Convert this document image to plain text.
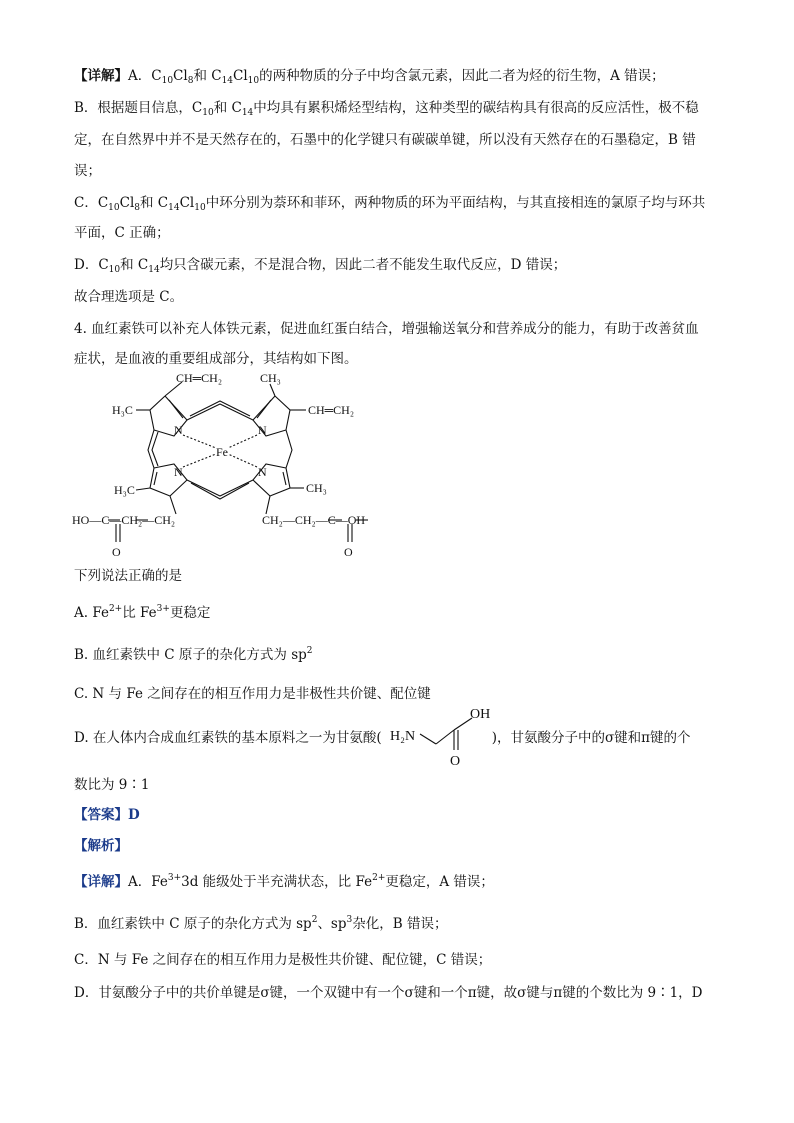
【详解】A．$C_{10}Cl_8$和 $C_{14}Cl_{10}$的两种物质的分子中均含氯元素，因此二者为烃的衍生物，A 错误；
B．根据题目信息，$C_{10}$和 $C_{14}$中均具有累积烯烃型结构，这种类型的碳结构具有很高的反应活性，极不稳
定，在自然界中并不是天然存在的，石墨中的化学键只有碳碳单键，所以没有天然存在的石墨稳定，B 错
误；
C．$C_{10}Cl_8$和 $C_{14}Cl_{10}$中环分别为萘环和菲环，两种物质的环为平面结构，与其直接相连的氯原子均与环共
平面，C 正确；
D．$C_{10}$和 $C_{14}$均只含碳元素，不是混合物，因此二者不能发生取代反应，D 错误；
故合理选项是 C。
4. 血红素铁可以补充人体铁元素，促进血红蛋白结合，增强输送氧分和营养成分的能力，有助于改善贫血
症状，是血液的重要组成部分，其结构如下图。
CH═CH₂	CH₃
CH═CH₂
H₃C
N	N
N	N
Fe
H₃C	CH₃
HO—C—CH₂—CH₂	CH₂—CH₂—C—OH
O	O
下列说法正确的是
A. $Fe^{2+}$比 $Fe^{3+}$更稳定
B. 血红素铁中 C 原子的杂化方式为 $sp^2$
C. N 与 Fe 之间存在的相互作用力是非极性共价键、配位键
D. 在人体内合成血红素铁的基本原料之一为甘氨酸(	)，甘氨酸分子中的σ键和π键的个
H₂N
OH
O
数比为 9∶1
【答案】D
【解析】
【详解】A．$Fe^{3+}3d$ 能级处于半充满状态，比 $Fe^{2+}$更稳定，A 错误；
B．血红素铁中 C 原子的杂化方式为 $sp^2$、$sp^3$杂化，B 错误；
C．N 与 Fe 之间存在的相互作用力是极性共价键、配位键，C 错误；
D．甘氨酸分子中的共价单键是σ键，一个双键中有一个σ键和一个π键，故σ键与π键的个数比为 9∶1，D
